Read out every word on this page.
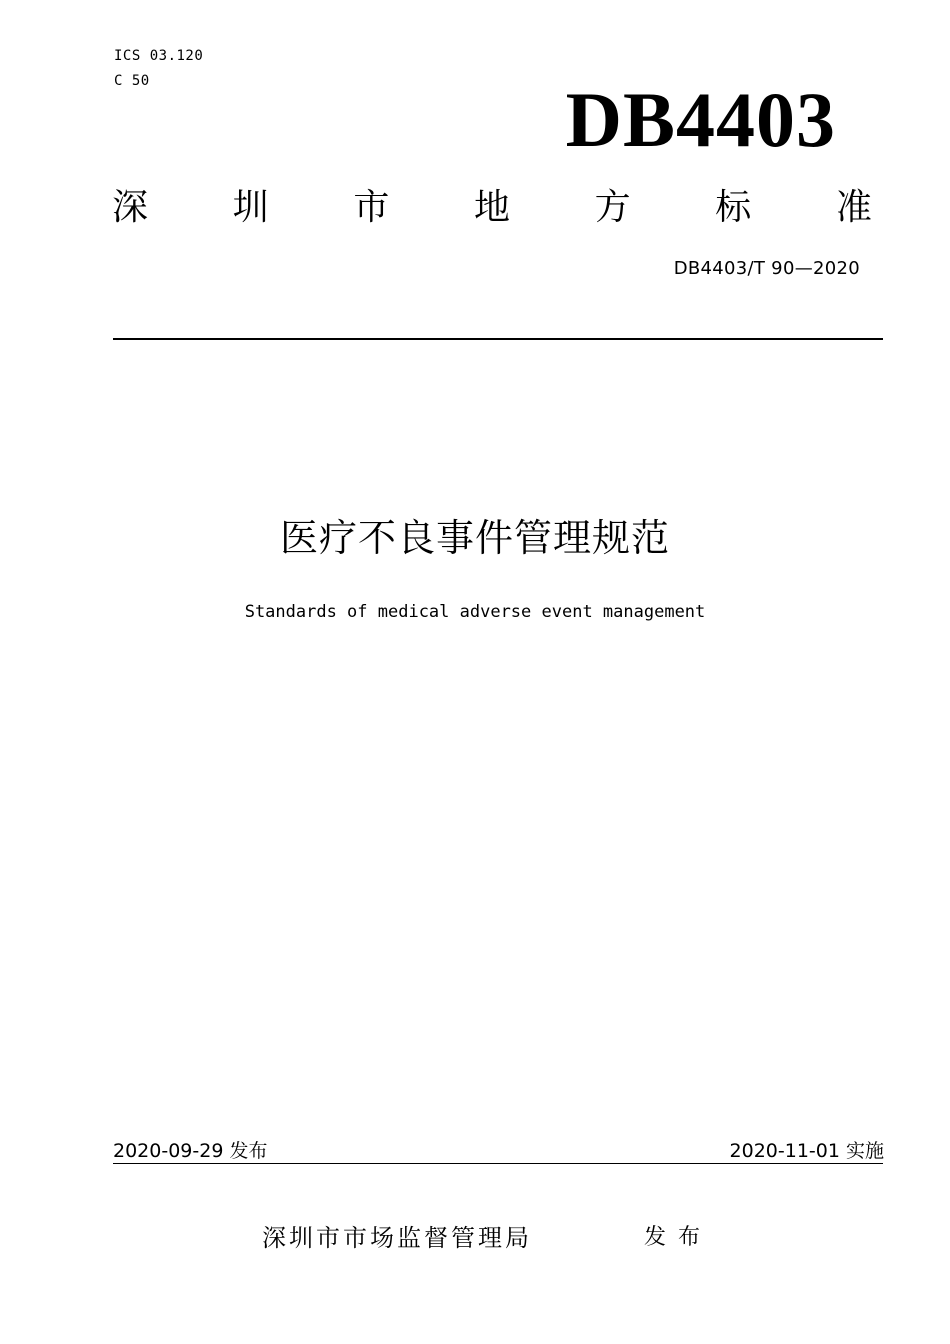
ICS 03.120
C 50	DB4403
深 圳 市 地 方 标 准
DB4403/T 90—2020
医疗不良事件管理规范
Standards of medical adverse event management
2020-09-29 发布	2020-11-01 实施
深圳市市场监督管理局	发布
